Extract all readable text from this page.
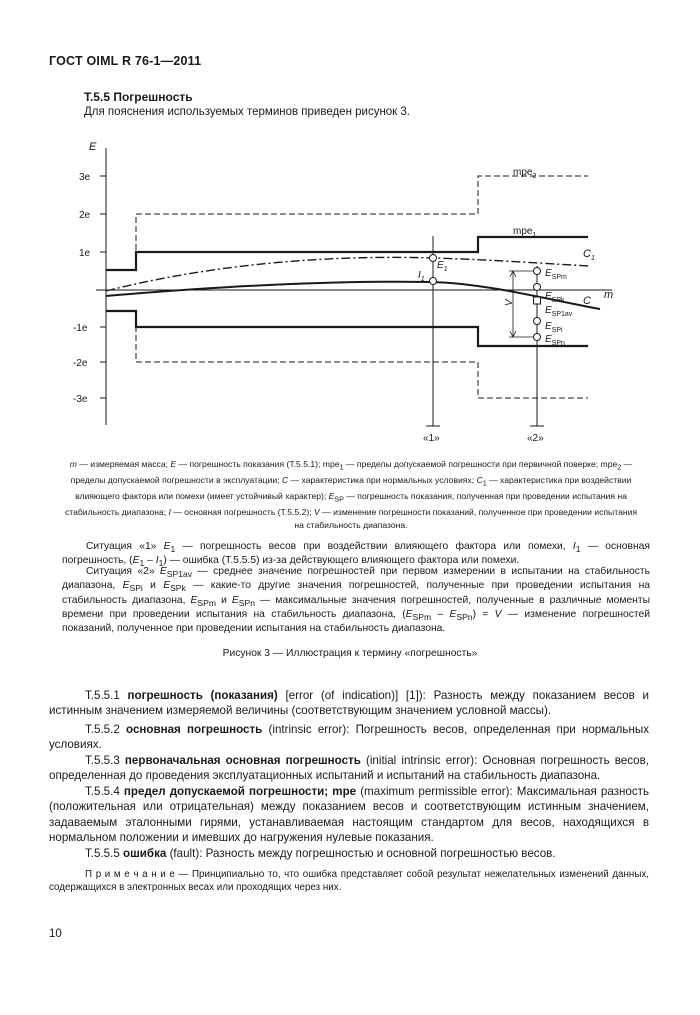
ГОСТ OIML R 76-1—2011
Т.5.5 Погрешность
Для пояснения используемых терминов приведен рисунок 3.
E
3e
2e
1e
-1e
-2e
-3e
m
V
mpe$_2$
mpe$_1$
$C_1$
C
$E_1$
$I_1$
$E_{SPm}$
$E_{SPk}$
$E_{SP1av}$
$E_{SPi}$
$E_{SPn}$
«1»	«2»
m — измеряемая масса; E — погрешность показания (Т.5.5.1); mpe$_1$ — пределы допускаемой погрешности при первичной поверке; mpe$_2$ — пределы допускаемой погрешности в эксплуатации; C — характеристика при нормальных условиях; $C_1$ — характеристика при воздействии влияющего фактора или помехи (имеет устойчивый характер); $E_{SP}$ — погрешность показания, полученная при проведении испытания на стабильность диапазона; I — основная погрешность (Т.5.5.2); V — изменение погрешности показаний, полученное при проведении испытания на стабильность диапазона.
Ситуация «1» $E_1$ — погрешность весов при воздействии влияющего фактора или помехи, $I_1$ — основная погрешность, $(E_1 - I_1)$ — ошибка (Т.5.5.5) из-за действующего влияющего фактора или помехи.
Ситуация «2» $E_{SP1av}$ — среднее значение погрешностей при первом измерении в испытании на стабильность диапазона, $E_{SPi}$ и $E_{SPk}$ — какие-то другие значения погрешностей, полученные при проведении испытания на стабильность диапазона, $E_{SPm}$ и $E_{SPn}$ — максимальные значения погрешностей, полученные в различные моменты времени при проведении испытания на стабильность диапазона, $(E_{SPm} - E_{SPn}) = V$ — изменение погрешностей показаний, полученное при проведении испытания на стабильность диапазона.
Рисунок 3 — Иллюстрация к термину «погрешность»
Т.5.5.1 погрешность (показания) [error (of indication)] [1]): Разность между показанием весов и истинным значением измеряемой величины (соответствующим значением условной массы).
Т.5.5.2 основная погрешность (intrinsic error): Погрешность весов, определенная при нормальных условиях.
Т.5.5.3 первоначальная основная погрешность (initial intrinsic error): Основная погрешность весов, определенная до проведения эксплуатационных испытаний и испытаний на стабильность диапазона.
Т.5.5.4 предел допускаемой погрешности; mpe (maximum permissible error): Максимальная разность (положительная или отрицательная) между показанием весов и соответствующим истинным значением, задаваемым эталонными гирями, устанавливаемая настоящим стандартом для весов, находящихся в нормальном положении и имевших до нагружения нулевые показания.
Т.5.5.5 ошибка (fault): Разность между погрешностью и основной погрешностью весов.
П р и м е ч а н и е — Принципиально то, что ошибка представляет собой результат нежелательных изменений данных, содержащихся в электронных весах или проходящих через них.
10
